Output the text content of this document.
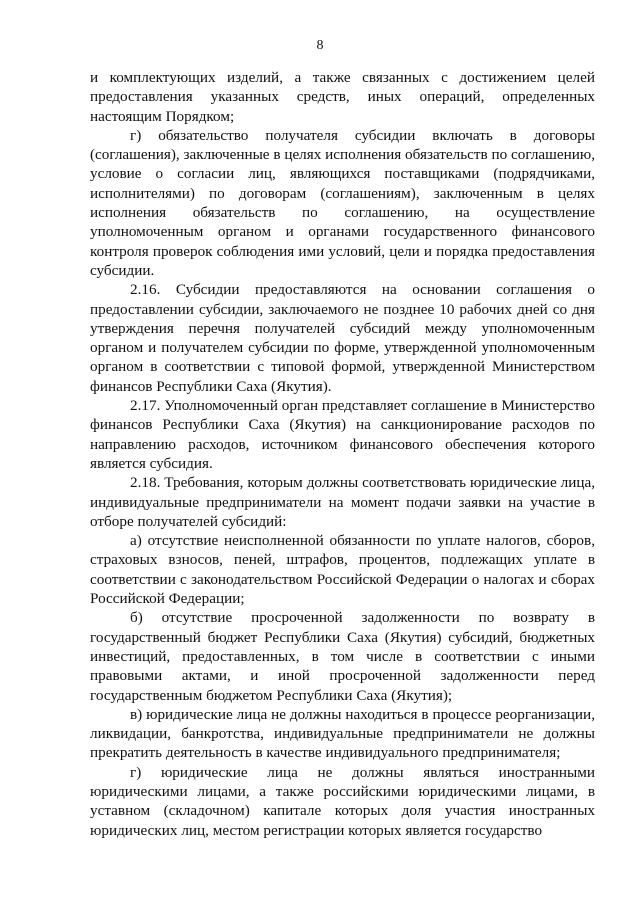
8

и комплектующих изделий, а также связанных с достижением целей предоставления указанных средств, иных операций, определенных настоящим Порядком;

г) обязательство получателя субсидии включать в договоры (соглашения), заключенные в целях исполнения обязательств по соглашению, условие о согласии лиц, являющихся поставщиками (подрядчиками, исполнителями) по договорам (соглашениям), заключенным в целях исполнения обязательств по соглашению, на осуществление уполномоченным органом и органами государственного финансового контроля проверок соблюдения ими условий, цели и порядка предоставления субсидии.

2.16. Субсидии предоставляются на основании соглашения о предоставлении субсидии, заключаемого не позднее 10 рабочих дней со дня утверждения перечня получателей субсидий между уполномоченным органом и получателем субсидии по форме, утвержденной уполномоченным органом в соответствии с типовой формой, утвержденной Министерством финансов Республики Саха (Якутия).

2.17. Уполномоченный орган представляет соглашение в Министерство финансов Республики Саха (Якутия) на санкционирование расходов по направлению расходов, источником финансового обеспечения которого является субсидия.

2.18. Требования, которым должны соответствовать юридические лица, индивидуальные предприниматели на момент подачи заявки на участие в отборе получателей субсидий:

а) отсутствие неисполненной обязанности по уплате налогов, сборов, страховых взносов, пеней, штрафов, процентов, подлежащих уплате в соответствии с законодательством Российской Федерации о налогах и сборах Российской Федерации;

б) отсутствие просроченной задолженности по возврату в государственный бюджет Республики Саха (Якутия) субсидий, бюджетных инвестиций, предоставленных, в том числе в соответствии с иными правовыми актами, и иной просроченной задолженности перед государственным бюджетом Республики Саха (Якутия);

в) юридические лица не должны находиться в процессе реорганизации, ликвидации, банкротства, индивидуальные предприниматели не должны прекратить деятельность в качестве индивидуального предпринимателя;

г) юридические лица не должны являться иностранными юридическими лицами, а также российскими юридическими лицами, в уставном (складочном) капитале которых доля участия иностранных юридических лиц, местом регистрации которых является государство
